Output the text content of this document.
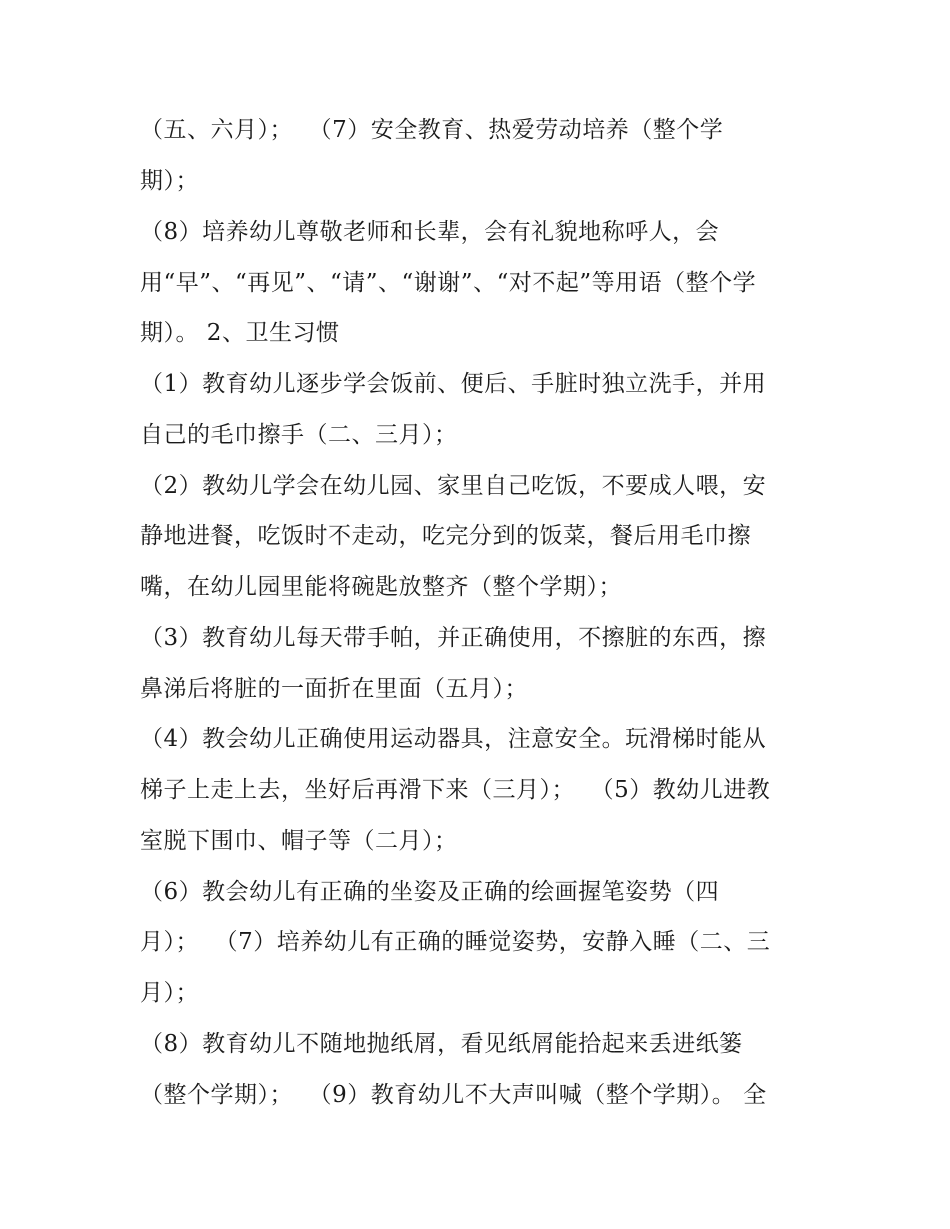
（五、六月）；  （7）安全教育、热爱劳动培养（整个学
期）；
（8）培养幼儿尊敬老师和长辈，会有礼貌地称呼人，会
用“早”、“再见”、“请”、“谢谢”、“对不起”等用语（整个学
期）。 2、卫生习惯
（1）教育幼儿逐步学会饭前、便后、手脏时独立洗手，并用
自己的毛巾擦手（二、三月）；
（2）教幼儿学会在幼儿园、家里自己吃饭，不要成人喂，安
静地进餐，吃饭时不走动，吃完分到的饭菜，餐后用毛巾擦
嘴，在幼儿园里能将碗匙放整齐（整个学期）；
（3）教育幼儿每天带手帕，并正确使用，不擦脏的东西，擦
鼻涕后将脏的一面折在里面（五月）；
（4）教会幼儿正确使用运动器具，注意安全。玩滑梯时能从
梯子上走上去，坐好后再滑下来（三月）；  （5）教幼儿进教
室脱下围巾、帽子等（二月）；
（6）教会幼儿有正确的坐姿及正确的绘画握笔姿势（四
月）；  （7）培养幼儿有正确的睡觉姿势，安静入睡（二、三
月）；
（8）教育幼儿不随地抛纸屑，看见纸屑能拾起来丢进纸篓
（整个学期）；  （9）教育幼儿不大声叫喊（整个学期）。 全
